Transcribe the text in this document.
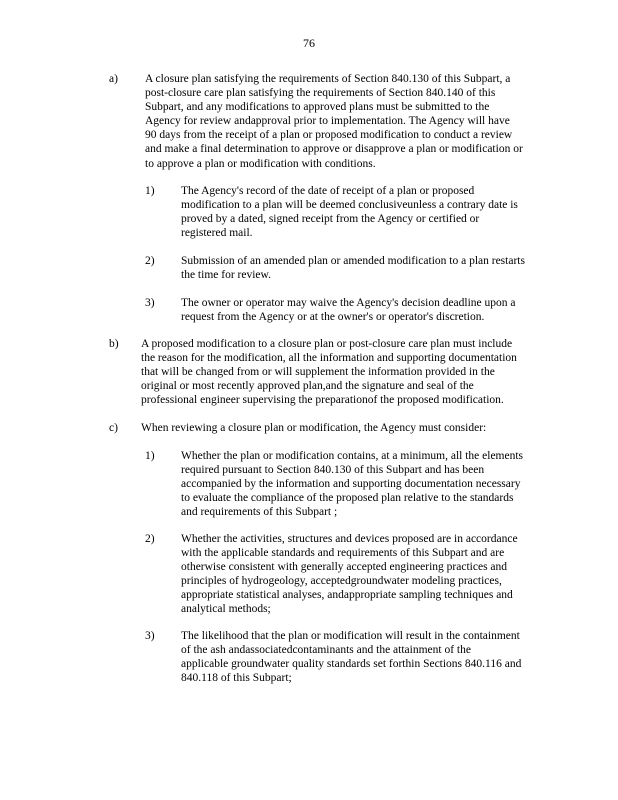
76
a) A closure plan satisfying the requirements of Section 840.130 of this Subpart, a
post-closure care plan satisfying the requirements of Section 840.140 of this
Subpart, and any modifications to approved plans must be submitted to the
Agency for review andapproval prior to implementation. The Agency will have
90 days from the receipt of a plan or proposed modification to conduct a review
and make a final determination to approve or disapprove a plan or modification or
to approve a plan or modification with conditions.
1) The Agency's record of the date of receipt of a plan or proposed
modification to a plan will be deemed conclusiveunless a contrary date is
proved by a dated, signed receipt from the Agency or certified or
registered mail.
2) Submission of an amended plan or amended modification to a plan restarts
the time for review.
3) The owner or operator may waive the Agency's decision deadline upon a
request from the Agency or at the owner's or operator's discretion.
b) A proposed modification to a closure plan or post-closure care plan must include
the reason for the modification, all the information and supporting documentation
that will be changed from or will supplement the information provided in the
original or most recently approved plan,and the signature and seal of the
professional engineer supervising the preparationof the proposed modification.
c) When reviewing a closure plan or modification, the Agency must consider:
1) Whether the plan or modification contains, at a minimum, all the elements
required pursuant to Section 840.130 of this Subpart and has been
accompanied by the information and supporting documentation necessary
to evaluate the compliance of the proposed plan relative to the standards
and requirements of this Subpart ;
2) Whether the activities, structures and devices proposed are in accordance
with the applicable standards and requirements of this Subpart and are
otherwise consistent with generally accepted engineering practices and
principles of hydrogeology, acceptedgroundwater modeling practices,
appropriate statistical analyses, andappropriate sampling techniques and
analytical methods;
3) The likelihood that the plan or modification will result in the containment
of the ash andassociatedcontaminants and the attainment of the
applicable groundwater quality standards set forthin Sections 840.116 and
840.118 of this Subpart;
